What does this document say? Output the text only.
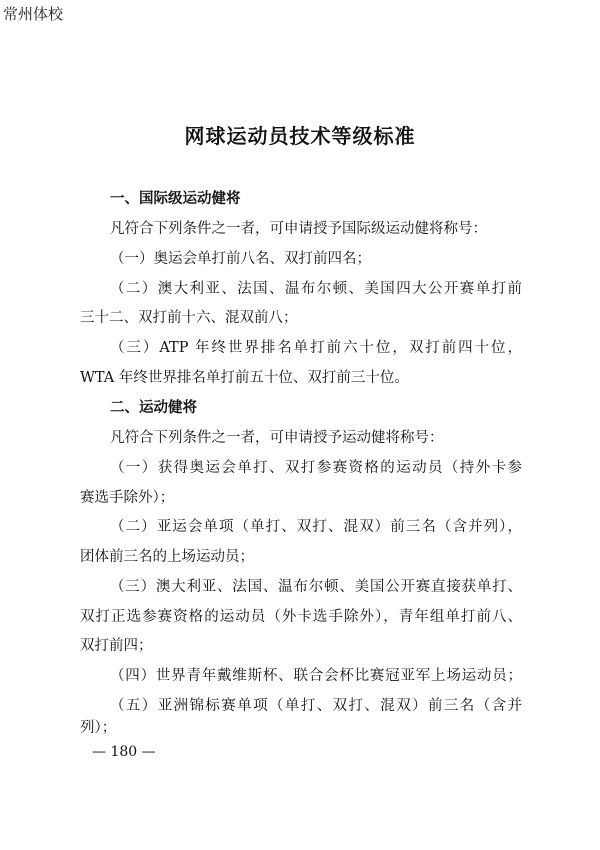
常州体校
网球运动员技术等级标准
一、国际级运动健将
凡符合下列条件之一者，可申请授予国际级运动健将称号：
（一）奥运会单打前八名、双打前四名；
（二）澳大利亚、法国、温布尔顿、美国四大公开赛单打前
三十二、双打前十六、混双前八；
（三）ATP 年终世界排名单打前六十位，双打前四十位，
WTA 年终世界排名单打前五十位、双打前三十位。
二、运动健将
凡符合下列条件之一者，可申请授予运动健将称号：
（一）获得奥运会单打、双打参赛资格的运动员（持外卡参
赛选手除外）；
（二）亚运会单项（单打、双打、混双）前三名（含并列），
团体前三名的上场运动员；
（三）澳大利亚、法国、温布尔顿、美国公开赛直接获单打、
双打正选参赛资格的运动员（外卡选手除外），青年组单打前八、
双打前四；
（四）世界青年戴维斯杯、联合会杯比赛冠亚军上场运动员；
（五）亚洲锦标赛单项（单打、双打、混双）前三名（含并
列）；
— 180 —
